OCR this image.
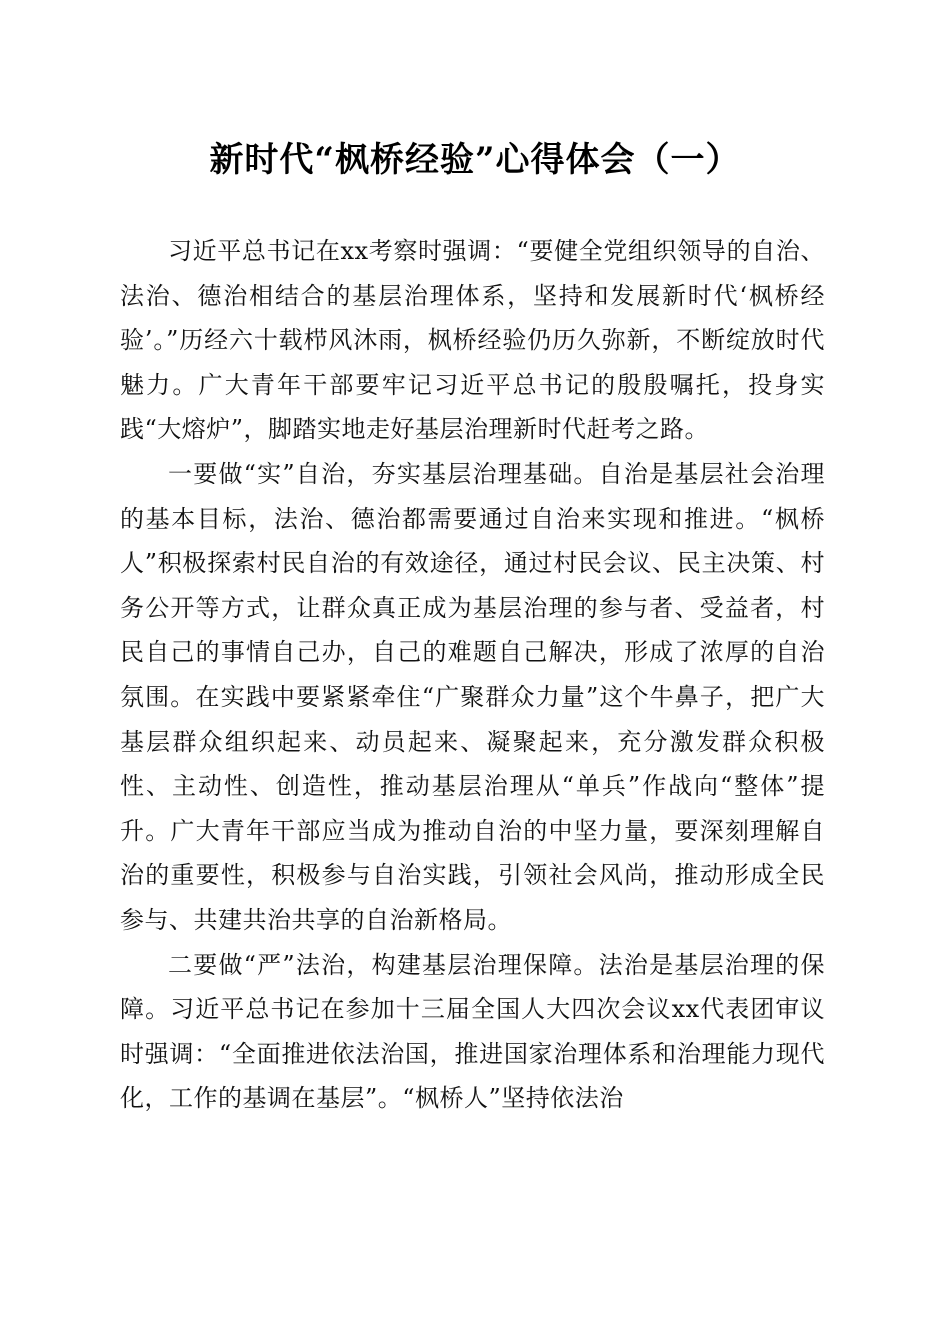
新时代“枫桥经验”心得体会（一）

习近平总书记在xx考察时强调：“要健全党组织领导的自治、法治、德治相结合的基层治理体系，坚持和发展新时代‘枫桥经验’。”历经六十载栉风沐雨，枫桥经验仍历久弥新，不断绽放时代魅力。广大青年干部要牢记习近平总书记的殷殷嘱托，投身实践“大熔炉”，脚踏实地走好基层治理新时代赶考之路。

一要做“实”自治，夯实基层治理基础。自治是基层社会治理的基本目标，法治、德治都需要通过自治来实现和推进。“枫桥人”积极探索村民自治的有效途径，通过村民会议、民主决策、村务公开等方式，让群众真正成为基层治理的参与者、受益者，村民自己的事情自己办，自己的难题自己解决，形成了浓厚的自治氛围。在实践中要紧紧牵住“广聚群众力量”这个牛鼻子，把广大基层群众组织起来、动员起来、凝聚起来，充分激发群众积极性、主动性、创造性，推动基层治理从“单兵”作战向“整体”提升。广大青年干部应当成为推动自治的中坚力量，要深刻理解自治的重要性，积极参与自治实践，引领社会风尚，推动形成全民参与、共建共治共享的自治新格局。

二要做“严”法治，构建基层治理保障。法治是基层治理的保障。习近平总书记在参加十三届全国人大四次会议xx代表团审议时强调：“全面推进依法治国，推进国家治理体系和治理能力现代化，工作的基调在基层”。“枫桥人”坚持依法治
